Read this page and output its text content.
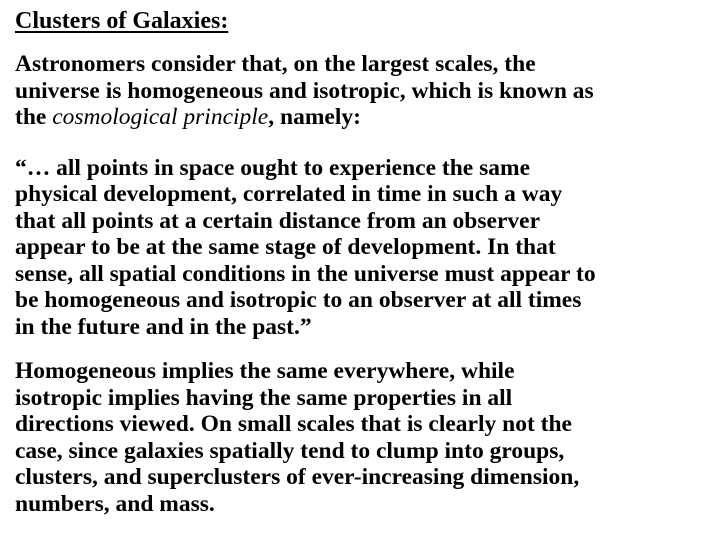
Clusters of Galaxies:

Astronomers consider that, on the largest scales, the
universe is homogeneous and isotropic, which is known as
the cosmological principle, namely:

“… all points in space ought to experience the same
physical development, correlated in time in such a way
that all points at a certain distance from an observer
appear to be at the same stage of development. In that
sense, all spatial conditions in the universe must appear to
be homogeneous and isotropic to an observer at all times
in the future and in the past.”

Homogeneous implies the same everywhere, while
isotropic implies having the same properties in all
directions viewed. On small scales that is clearly not the
case, since galaxies spatially tend to clump into groups,
clusters, and superclusters of ever-increasing dimension,
numbers, and mass.
